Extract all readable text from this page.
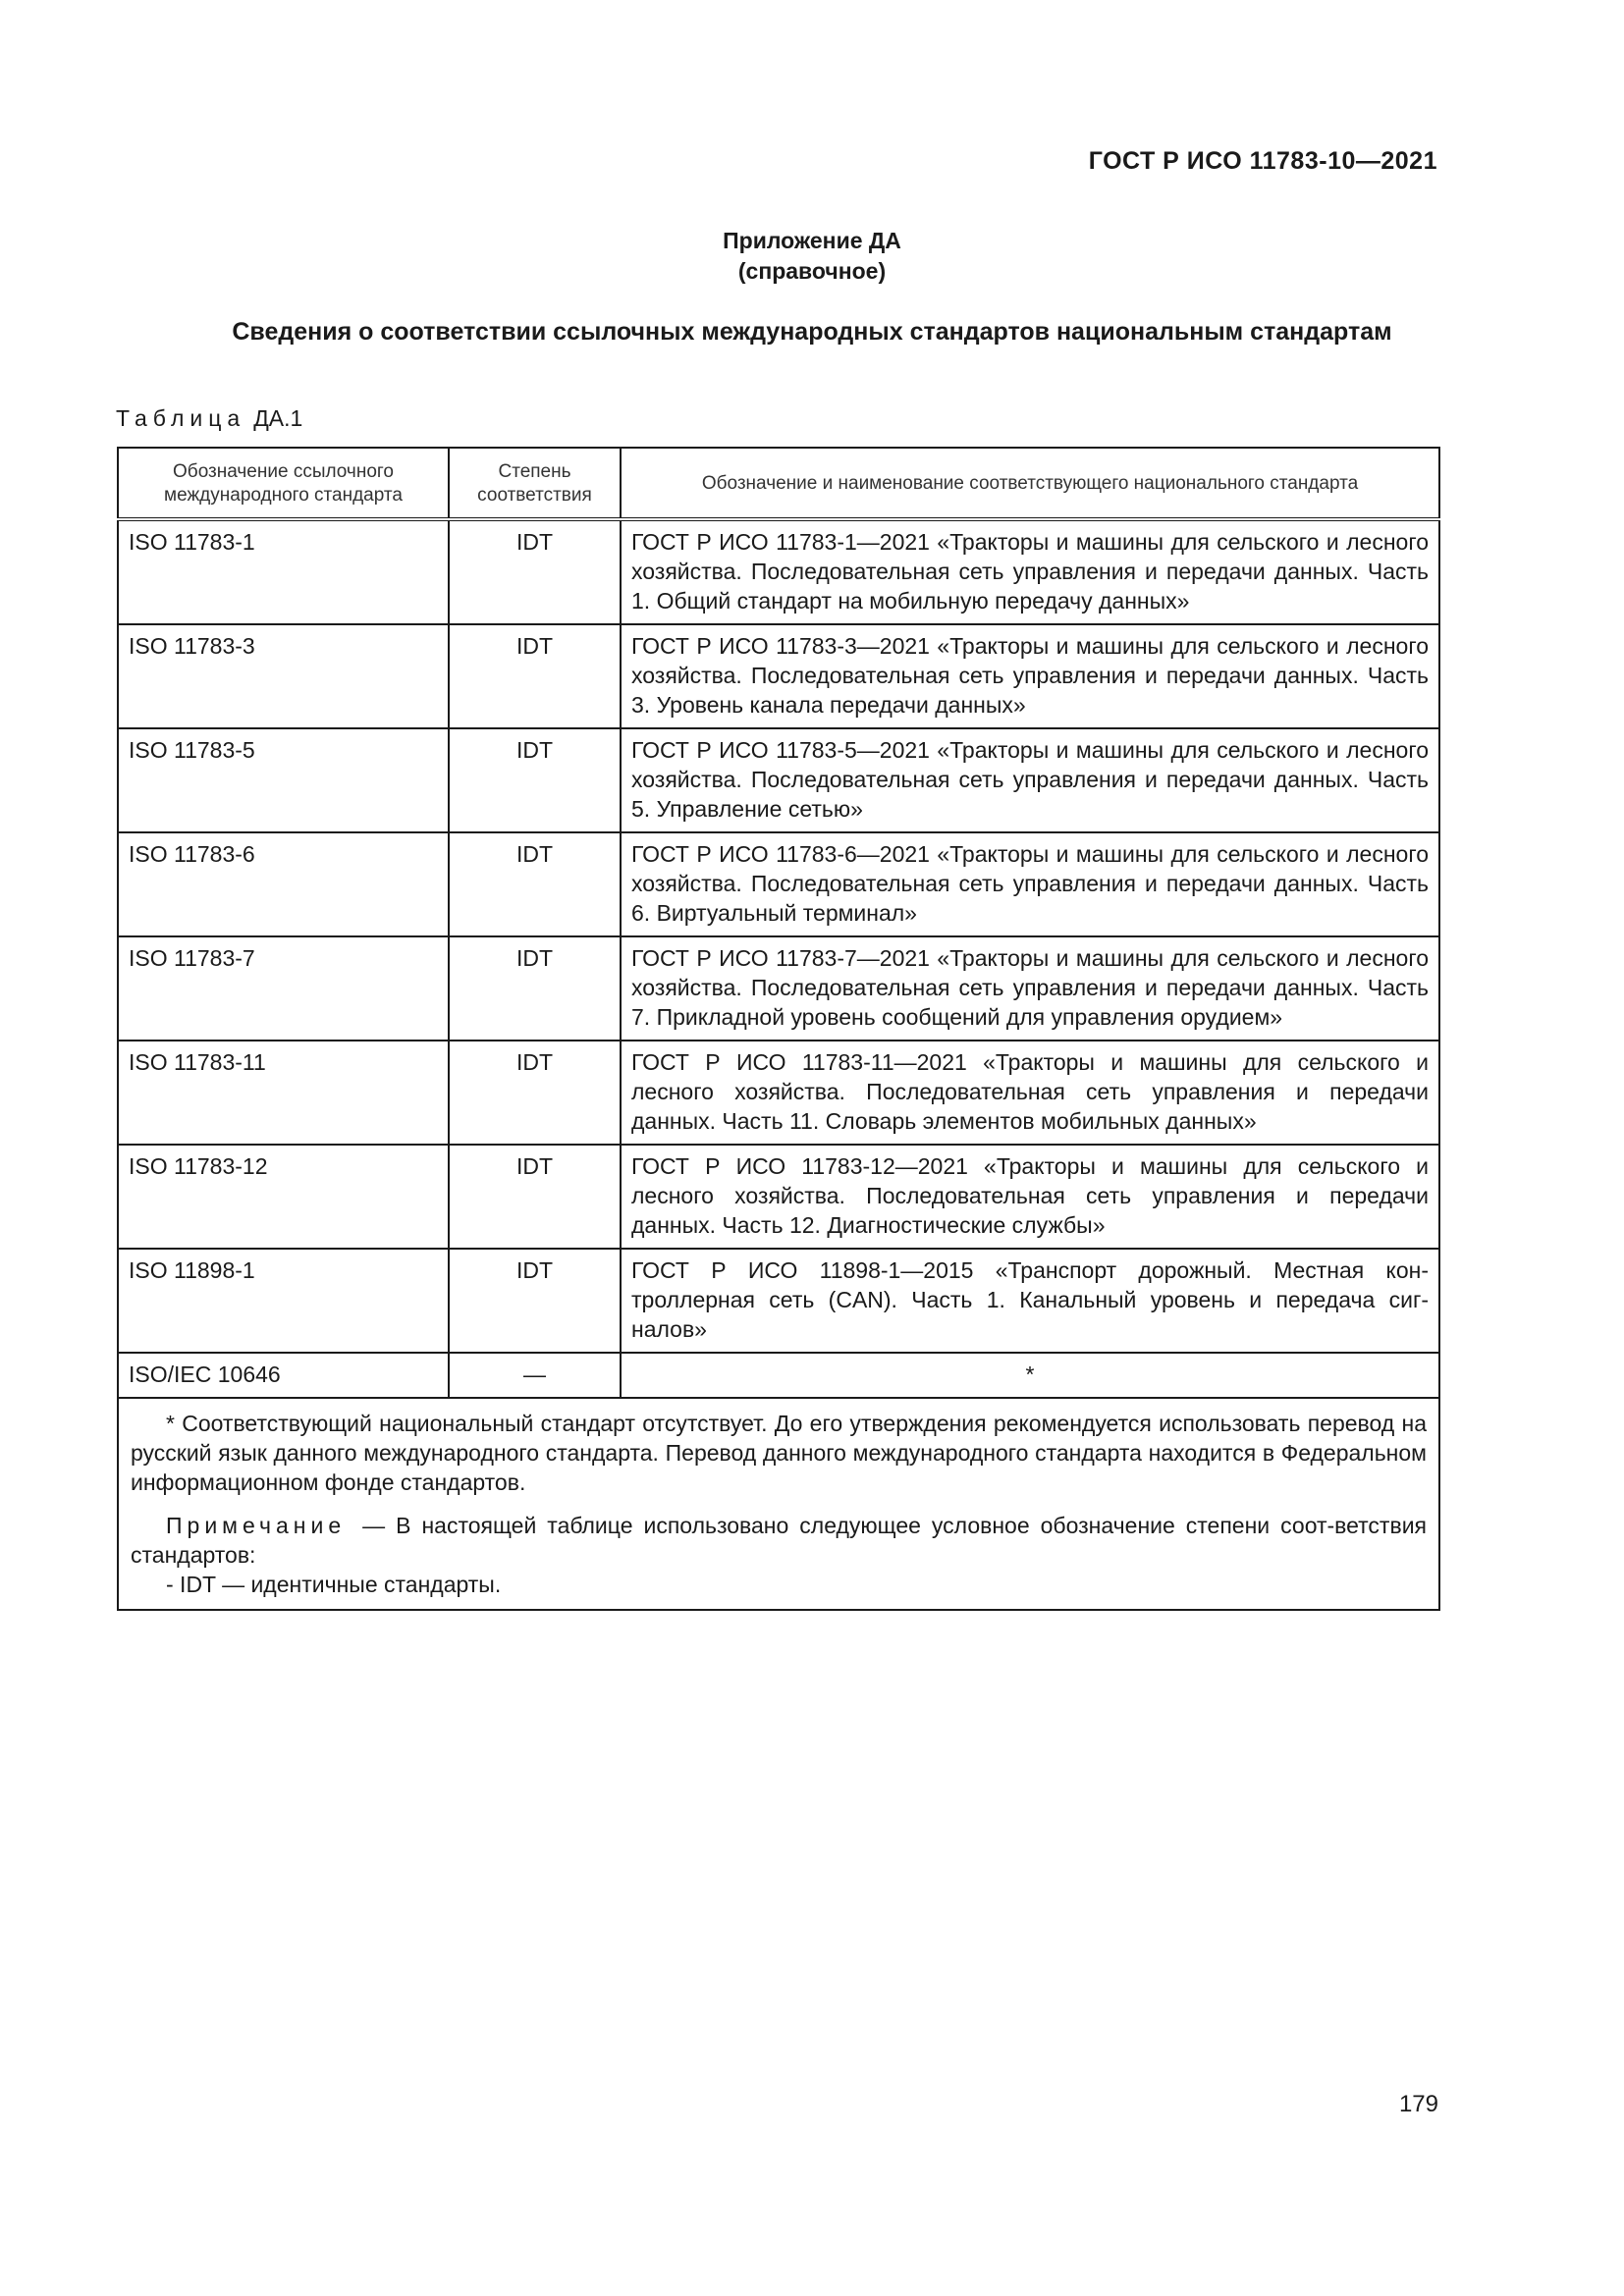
ГОСТ Р ИСО 11783-10—2021
Приложение ДА
(справочное)
Сведения о соответствии ссылочных международных стандартов национальным стандартам
Таблица ДА.1
Обозначение ссылочного международного стандарта	Степень соответствия	Обозначение и наименование соответствующего национального стандарта
ISO 11783-1	IDT	ГОСТ Р ИСО 11783-1—2021 «Тракторы и машины для сельского и лесного хозяйства. Последовательная сеть управления и передачи данных. Часть 1. Общий стандарт на мобильную передачу данных»
ISO 11783-3	IDT	ГОСТ Р ИСО 11783-3—2021 «Тракторы и машины для сельского и лесного хозяйства. Последовательная сеть управления и передачи данных. Часть 3. Уровень канала передачи данных»
ISO 11783-5	IDT	ГОСТ Р ИСО 11783-5—2021 «Тракторы и машины для сельского и лесного хозяйства. Последовательная сеть управления и передачи данных. Часть 5. Управление сетью»
ISO 11783-6	IDT	ГОСТ Р ИСО 11783-6—2021 «Тракторы и машины для сельского и лесного хозяйства. Последовательная сеть управления и передачи данных. Часть 6. Виртуальный терминал»
ISO 11783-7	IDT	ГОСТ Р ИСО 11783-7—2021 «Тракторы и машины для сельского и лесного хозяйства. Последовательная сеть управления и передачи данных. Часть 7. Прикладной уровень сообщений для управления орудием»
ISO 11783-11	IDT	ГОСТ Р ИСО 11783-11—2021 «Тракторы и машины для сельского и лесного хозяйства. Последовательная сеть управления и передачи данных. Часть 11. Словарь элементов мобильных данных»
ISO 11783-12	IDT	ГОСТ Р ИСО 11783-12—2021 «Тракторы и машины для сельского и лесного хозяйства. Последовательная сеть управления и передачи данных. Часть 12. Диагностические службы»
ISO 11898-1	IDT	ГОСТ Р ИСО 11898-1—2015 «Транспорт дорожный. Местная кон-троллерная сеть (CAN). Часть 1. Канальный уровень и передача сиг-налов»
ISO/IEC 10646	—	*

* Соответствующий национальный стандарт отсутствует. До его утверждения рекомендуется использовать перевод на русский язык данного международного стандарта. Перевод данного международного стандарта находится в Федеральном информационном фонде стандартов.

Примечание — В настоящей таблице использовано следующее условное обозначение степени соот-ветствия стандартов:

- IDT — идентичные стандарты.		

179
